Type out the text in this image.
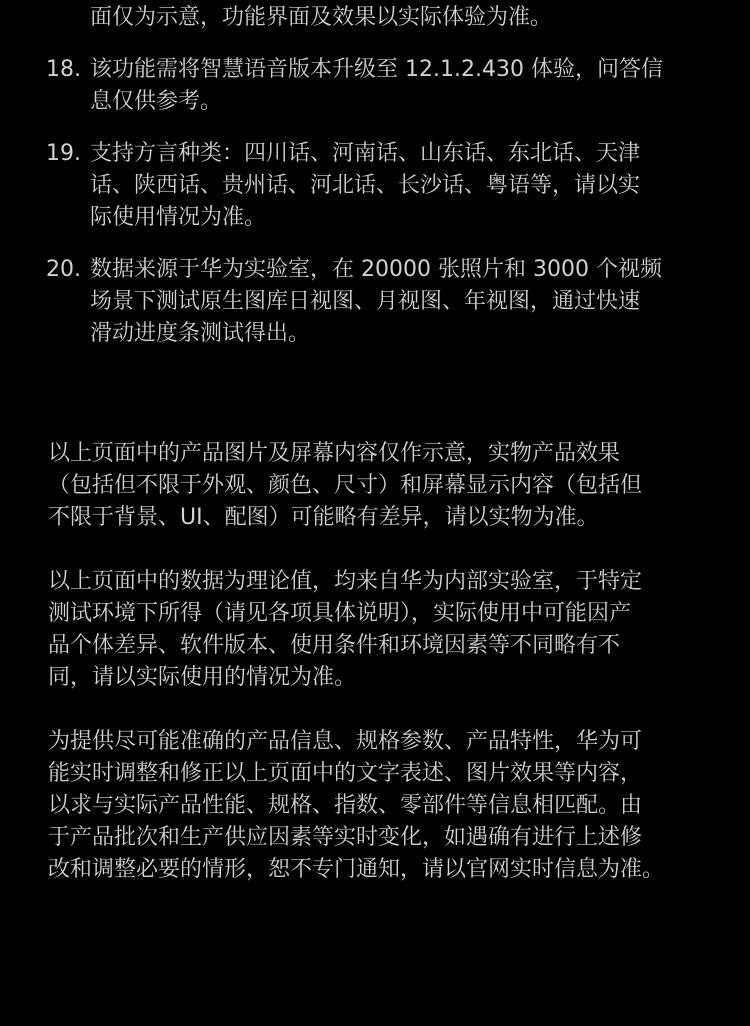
面仅为示意，功能界面及效果以实际体验为准。
18. 该功能需将智慧语音版本升级至 12.1.2.430 体验，问答信
息仅供参考。
19. 支持方言种类：四川话、河南话、山东话、东北话、天津
话、陕西话、贵州话、河北话、长沙话、粤语等，请以实
际使用情况为准。
20. 数据来源于华为实验室，在 20000 张照片和 3000 个视频
场景下测试原生图库日视图、月视图、年视图，通过快速
滑动进度条测试得出。
以上页面中的产品图片及屏幕内容仅作示意，实物产品效果
（包括但不限于外观、颜色、尺寸）和屏幕显示内容（包括但
不限于背景、UI、配图）可能略有差异，请以实物为准。
以上页面中的数据为理论值，均来自华为内部实验室，于特定
测试环境下所得（请见各项具体说明），实际使用中可能因产
品个体差异、软件版本、使用条件和环境因素等不同略有不
同，请以实际使用的情况为准。
为提供尽可能准确的产品信息、规格参数、产品特性，华为可
能实时调整和修正以上页面中的文字表述、图片效果等内容，
以求与实际产品性能、规格、指数、零部件等信息相匹配。由
于产品批次和生产供应因素等实时变化，如遇确有进行上述修
改和调整必要的情形，恕不专门通知，请以官网实时信息为准。
